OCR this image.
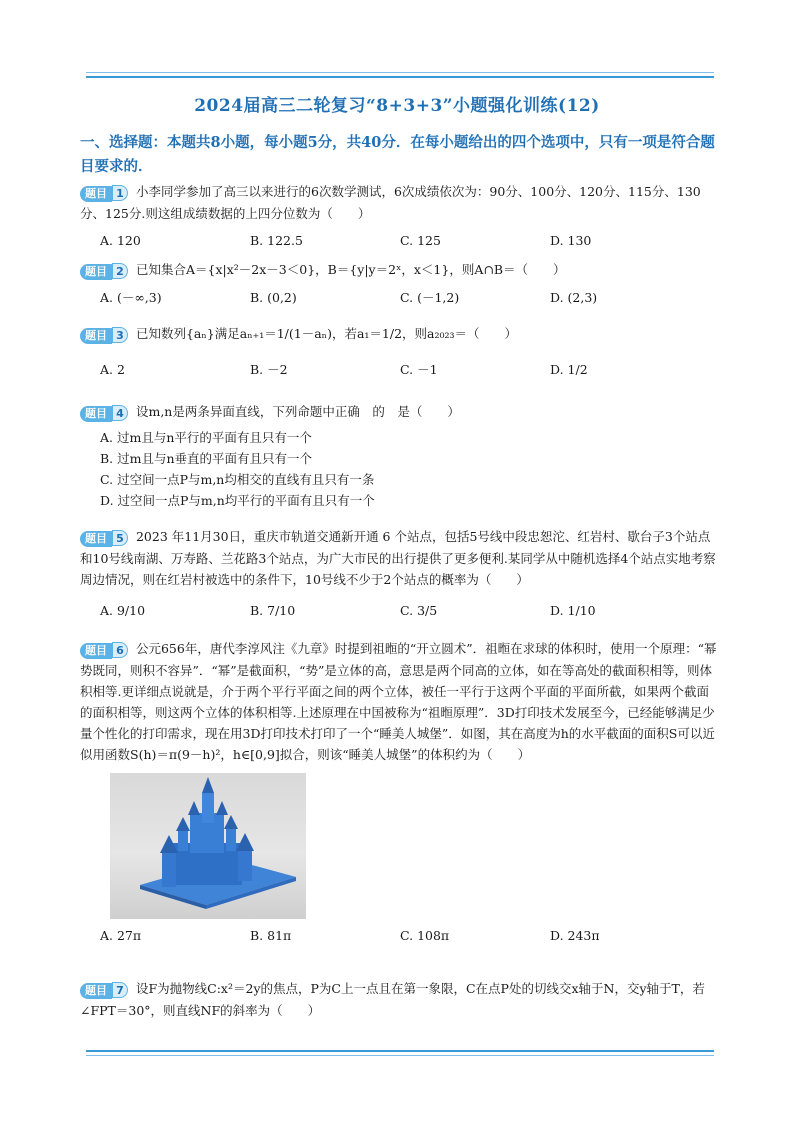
2024届高三二轮复习“8+3+3”小题强化训练(12)
一、选择题：本题共8小题，每小题5分，共40分．在每小题给出的四个选项中，只有一项是符合题目要求的．
题目 1 小李同学参加了高三以来进行的6次数学测试，6次成绩依次为：90分、100分、120分、115分、130分、125分.则这组成绩数据的上四分位数为（　　）
A. 120	B. 122.5	C. 125	D. 130
题目 2 已知集合A＝{x|x²－2x－3＜0}，B＝{y|y＝2ˣ，x＜1}，则A∩B＝（　　）
A. (－∞,3)	B. (0,2)	C. (－1,2)	D. (2,3)
题目 3 已知数列{aₙ}满足aₙ₊₁＝1/(1－aₙ)，若a₁＝1/2，则a₂₀₂₃＝（　　）
A. 2	B. －2	C. －1	D. 1/2
题目 4 设m,n是两条异面直线，下列命题中正确　的　是（　　）
A. 过m且与n平行的平面有且只有一个
B. 过m且与n垂直的平面有且只有一个
C. 过空间一点P与m,n均相交的直线有且只有一条
D. 过空间一点P与m,n均平行的平面有且只有一个
题目 5 2023 年11月30日，重庆市轨道交通新开通 6 个站点，包括5号线中段忠恕沱、红岩村、歇台子3个站点和10号线南湖、万寿路、兰花路3个站点，为广大市民的出行提供了更多便利.某同学从中随机选择4个站点实地考察周边情况，则在红岩村被选中的条件下，10号线不少于2个站点的概率为（　　）
A. 9/10	B. 7/10	C. 3/5	D. 1/10
题目 6 公元656年，唐代李淳风注《九章》时提到祖暅的“开立圆术”．祖暅在求球的体积时，使用一个原理：“幂势既同，则积不容异”．“幂”是截面积，“势”是立体的高，意思是两个同高的立体，如在等高处的截面积相等，则体积相等.更详细点说就是，介于两个平行平面之间的两个立体，被任一平行于这两个平面的平面所截，如果两个截面的面积相等，则这两个立体的体积相等.上述原理在中国被称为“祖暅原理”．3D打印技术发展至今，已经能够满足少量个性化的打印需求，现在用3D打印技术打印了一个“睡美人城堡”．如图，其在高度为h的水平截面的面积S可以近似用函数S(h)＝π(9－h)²，h∈[0,9]拟合，则该“睡美人城堡”的体积约为（　　）
A. 27π	B. 81π	C. 108π	D. 243π
题目 7 设F为抛物线C:x²＝2y的焦点，P为C上一点且在第一象限，C在点P处的切线交x轴于N，交y轴于T，若∠FPT＝30°，则直线NF的斜率为（　　）
